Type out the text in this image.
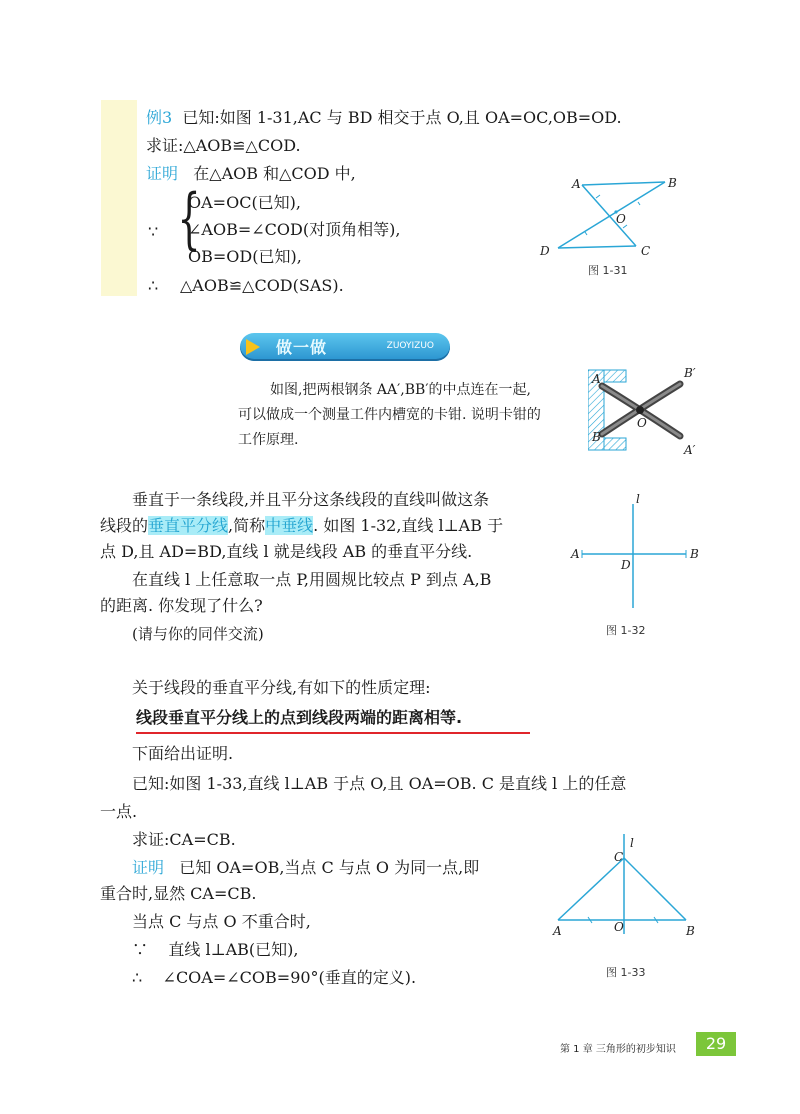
例3 已知:如图 1-31,AC 与 BD 相交于点 O,且 OA=OC,OB=OD.
求证:△AOB≌△COD.
证明 在△AOB 和△COD 中,
∵ {
OA=OC(已知),
∠AOB=∠COD(对顶角相等),
OB=OD(已知),
∴ △AOB≌△COD(SAS).
A	B
O
D	C
图 1-31
做一做	ZUOYIZUO
如图,把两根钢条 AA′,BB′的中点连在一起,
可以做成一个测量工件内槽宽的卡钳. 说明卡钳的
工作原理.
A	B′
O
B
A′
垂直于一条线段,并且平分这条线段的直线叫做这条
线段的垂直平分线,简称中垂线. 如图 1-32,直线 l⊥AB 于
点 D,且 AD=BD,直线 l 就是线段 AB 的垂直平分线.
在直线 l 上任意取一点 P,用圆规比较点 P 到点 A,B
的距离. 你发现了什么?
(请与你的同伴交流)
l
A	B
D
图 1-32
关于线段的垂直平分线,有如下的性质定理:
线段垂直平分线上的点到线段两端的距离相等.
下面给出证明.
已知:如图 1-33,直线 l⊥AB 于点 O,且 OA=OB. C 是直线 l 上的任意
一点.
求证:CA=CB.
证明 已知 OA=OB,当点 C 与点 O 为同一点,即
重合时,显然 CA=CB.
当点 C 与点 O 不重合时,
∵ 直线 l⊥AB(已知),
∴ ∠COA=∠COB=90°(垂直的定义).
l
C
A	O	B
图 1-33
第 1 章 三角形的初步知识	29
